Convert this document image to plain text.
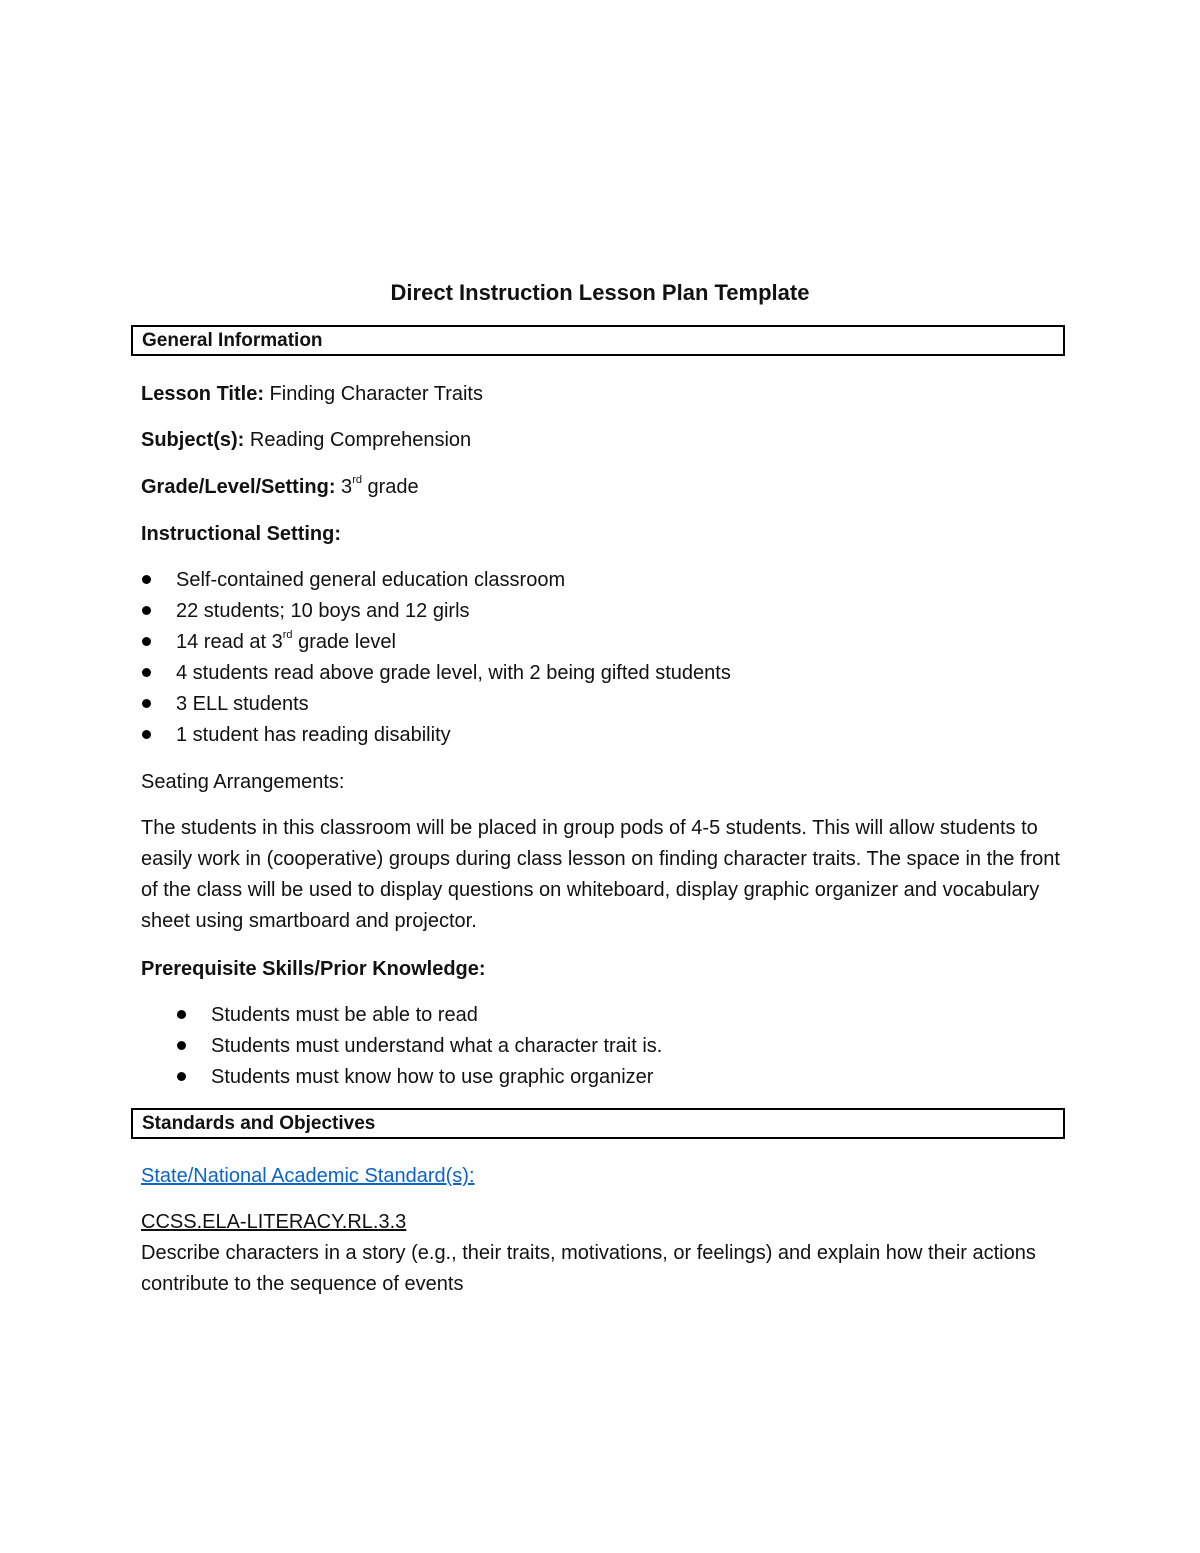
Direct Instruction Lesson Plan Template
General Information
Lesson Title: Finding Character Traits
Subject(s): Reading Comprehension
Grade/Level/Setting: 3rd grade
Instructional Setting:
Self-contained general education classroom
22 students; 10 boys and 12 girls
14 read at 3rd grade level
4 students read above grade level, with 2 being gifted students
3 ELL students
1 student has reading disability
Seating Arrangements:
The students in this classroom will be placed in group pods of 4-5 students. This will allow students to easily work in (cooperative) groups during class lesson on finding character traits. The space in the front of the class will be used to display questions on whiteboard, display graphic organizer and vocabulary sheet using smartboard and projector.
Prerequisite Skills/Prior Knowledge:
Students must be able to read
Students must understand what a character trait is.
Students must know how to use graphic organizer
Standards and Objectives
State/National Academic Standard(s):
CCSS.ELA-LITERACY.RL.3.3
Describe characters in a story (e.g., their traits, motivations, or feelings) and explain how their actions contribute to the sequence of events
